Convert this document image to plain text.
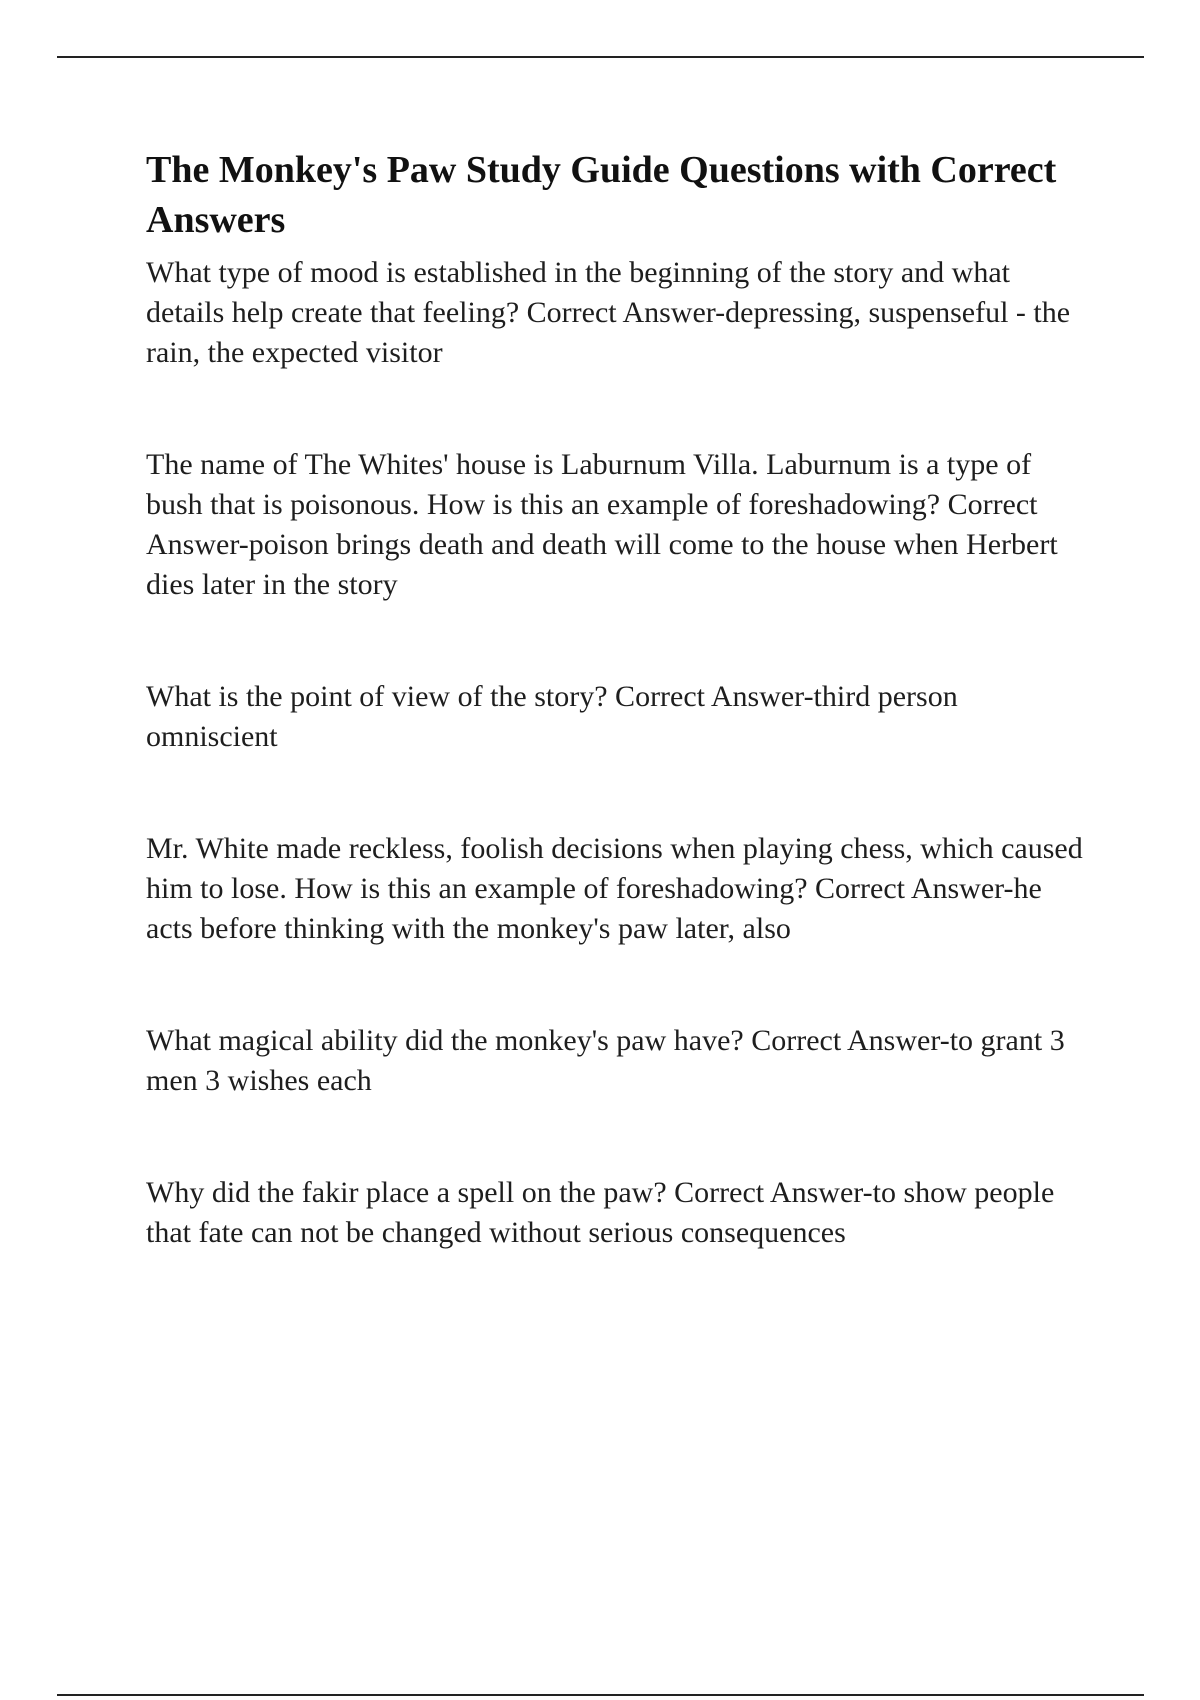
The Monkey's Paw Study Guide Questions with Correct Answers

What type of mood is established in the beginning of the story and what details help create that feeling? Correct Answer-depressing, suspenseful - the rain, the expected visitor

The name of The Whites' house is Laburnum Villa. Laburnum is a type of bush that is poisonous. How is this an example of foreshadowing? Correct Answer-poison brings death and death will come to the house when Herbert dies later in the story

What is the point of view of the story? Correct Answer-third person omniscient

Mr. White made reckless, foolish decisions when playing chess, which caused him to lose. How is this an example of foreshadowing? Correct Answer-he acts before thinking with the monkey's paw later, also

What magical ability did the monkey's paw have? Correct Answer-to grant 3 men 3 wishes each

Why did the fakir place a spell on the paw? Correct Answer-to show people that fate can not be changed without serious consequences
